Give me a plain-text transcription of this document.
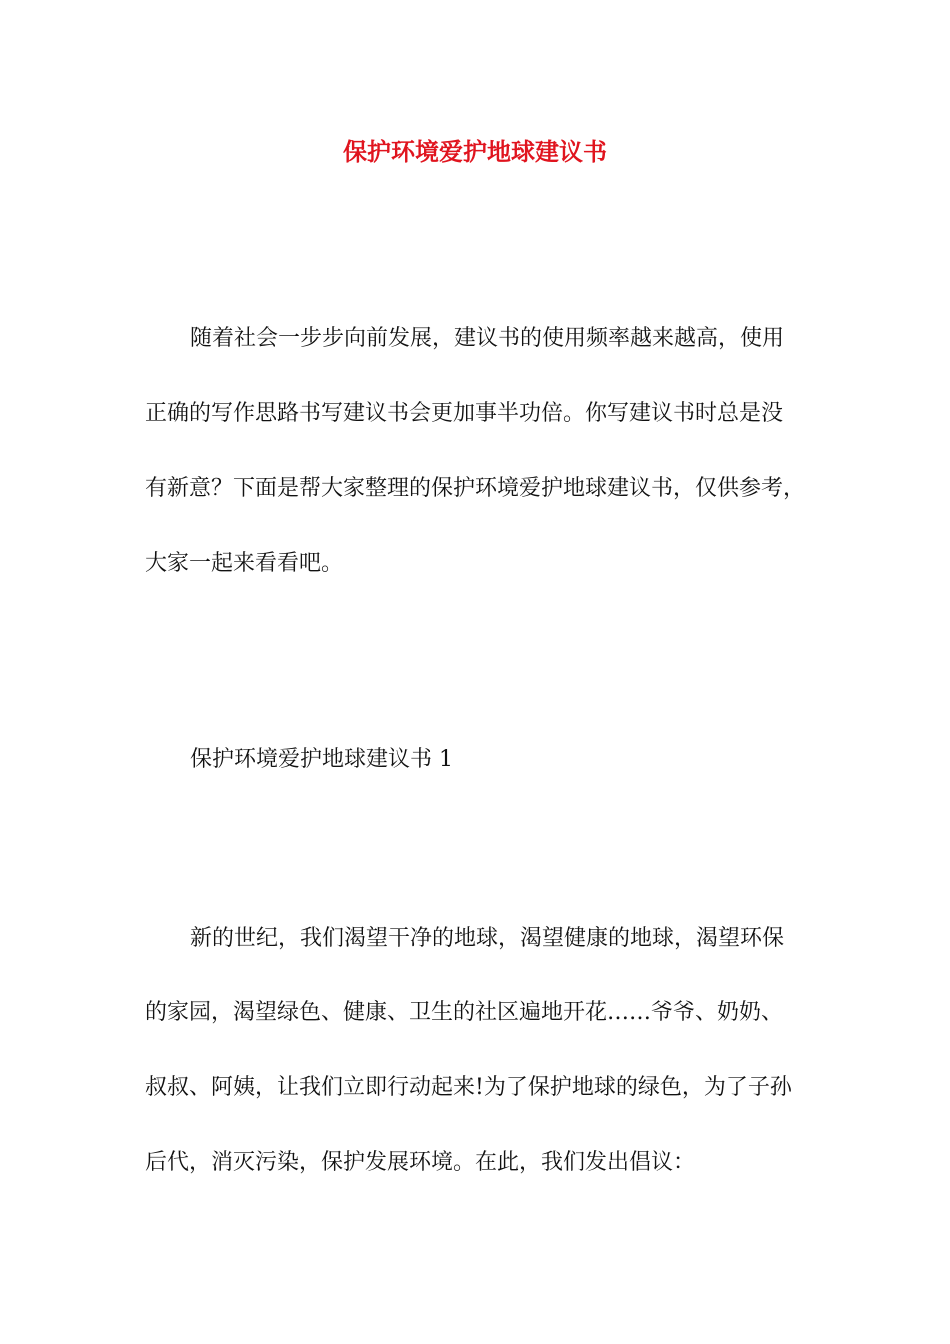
保护环境爱护地球建议书

随着社会一步步向前发展，建议书的使用频率越来越高，使用

正确的写作思路书写建议书会更加事半功倍。你写建议书时总是没

有新意？下面是帮大家整理的保护环境爱护地球建议书，仅供参考，

大家一起来看看吧。

保护环境爱护地球建议书 1

新的世纪，我们渴望干净的地球，渴望健康的地球，渴望环保

的家园，渴望绿色、健康、卫生的社区遍地开花……爷爷、奶奶、

叔叔、阿姨，让我们立即行动起来!为了保护地球的绿色，为了子孙

后代，消灭污染，保护发展环境。在此，我们发出倡议：
